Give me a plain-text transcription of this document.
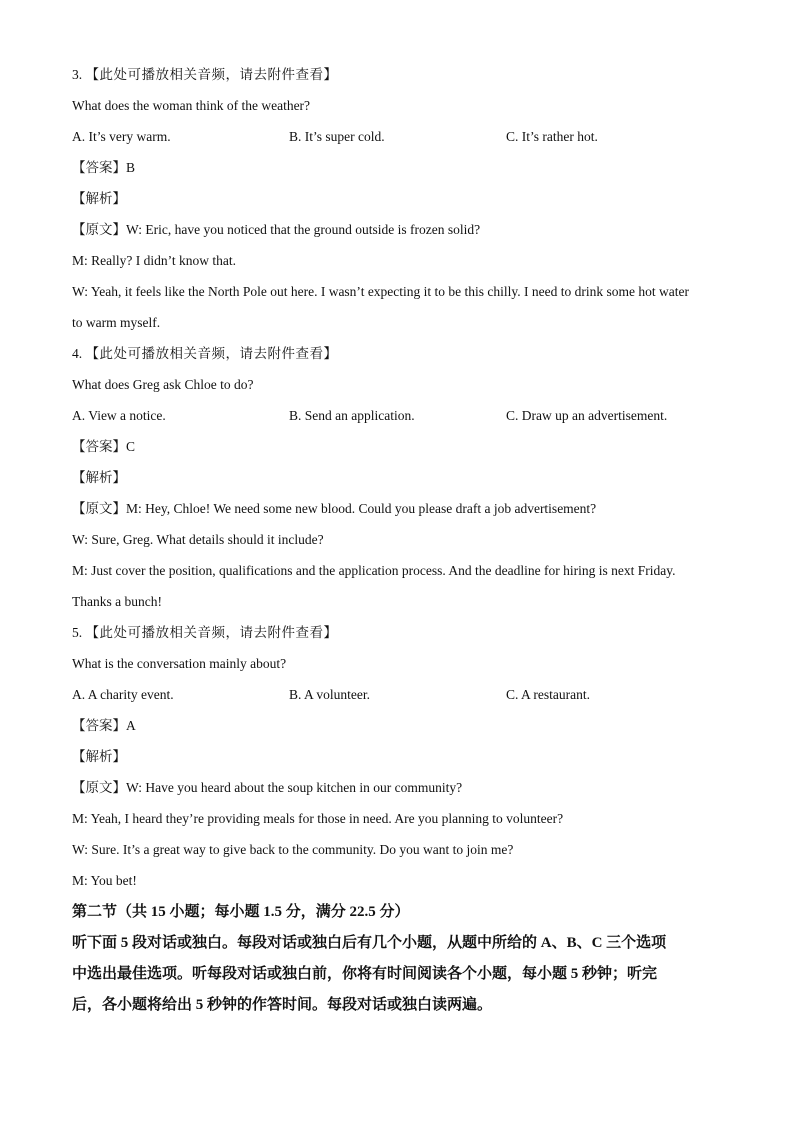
3. 【此处可播放相关音频，请去附件查看】
What does the woman think of the weather?
A. It’s very warm.	B. It’s super cold.	C. It’s rather hot.
【答案】B
【解析】
【原文】W: Eric, have you noticed that the ground outside is frozen solid?
M: Really? I didn’t know that.
W: Yeah, it feels like the North Pole out here. I wasn’t expecting it to be this chilly. I need to drink some hot water
to warm myself.
4. 【此处可播放相关音频，请去附件查看】
What does Greg ask Chloe to do?
A. View a notice.	B. Send an application.	C. Draw up an advertisement.
【答案】C
【解析】
【原文】M: Hey, Chloe! We need some new blood. Could you please draft a job advertisement?
W: Sure, Greg. What details should it include?
M: Just cover the position, qualifications and the application process. And the deadline for hiring is next Friday.
Thanks a bunch!
5. 【此处可播放相关音频，请去附件查看】
What is the conversation mainly about?
A. A charity event.	B. A volunteer.	C. A restaurant.
【答案】A
【解析】
【原文】W: Have you heard about the soup kitchen in our community?
M: Yeah, I heard they’re providing meals for those in need. Are you planning to volunteer?
W: Sure. It’s a great way to give back to the community. Do you want to join me?
M: You bet!
第二节（共 15 小题；每小题 1.5 分，满分 22.5 分）
听下面 5 段对话或独白。每段对话或独白后有几个小题，从题中所给的 A、B、C 三个选项
中选出最佳选项。听每段对话或独白前，你将有时间阅读各个小题，每小题 5 秒钟；听完
后，各小题将给出 5 秒钟的作答时间。每段对话或独白读两遍。
